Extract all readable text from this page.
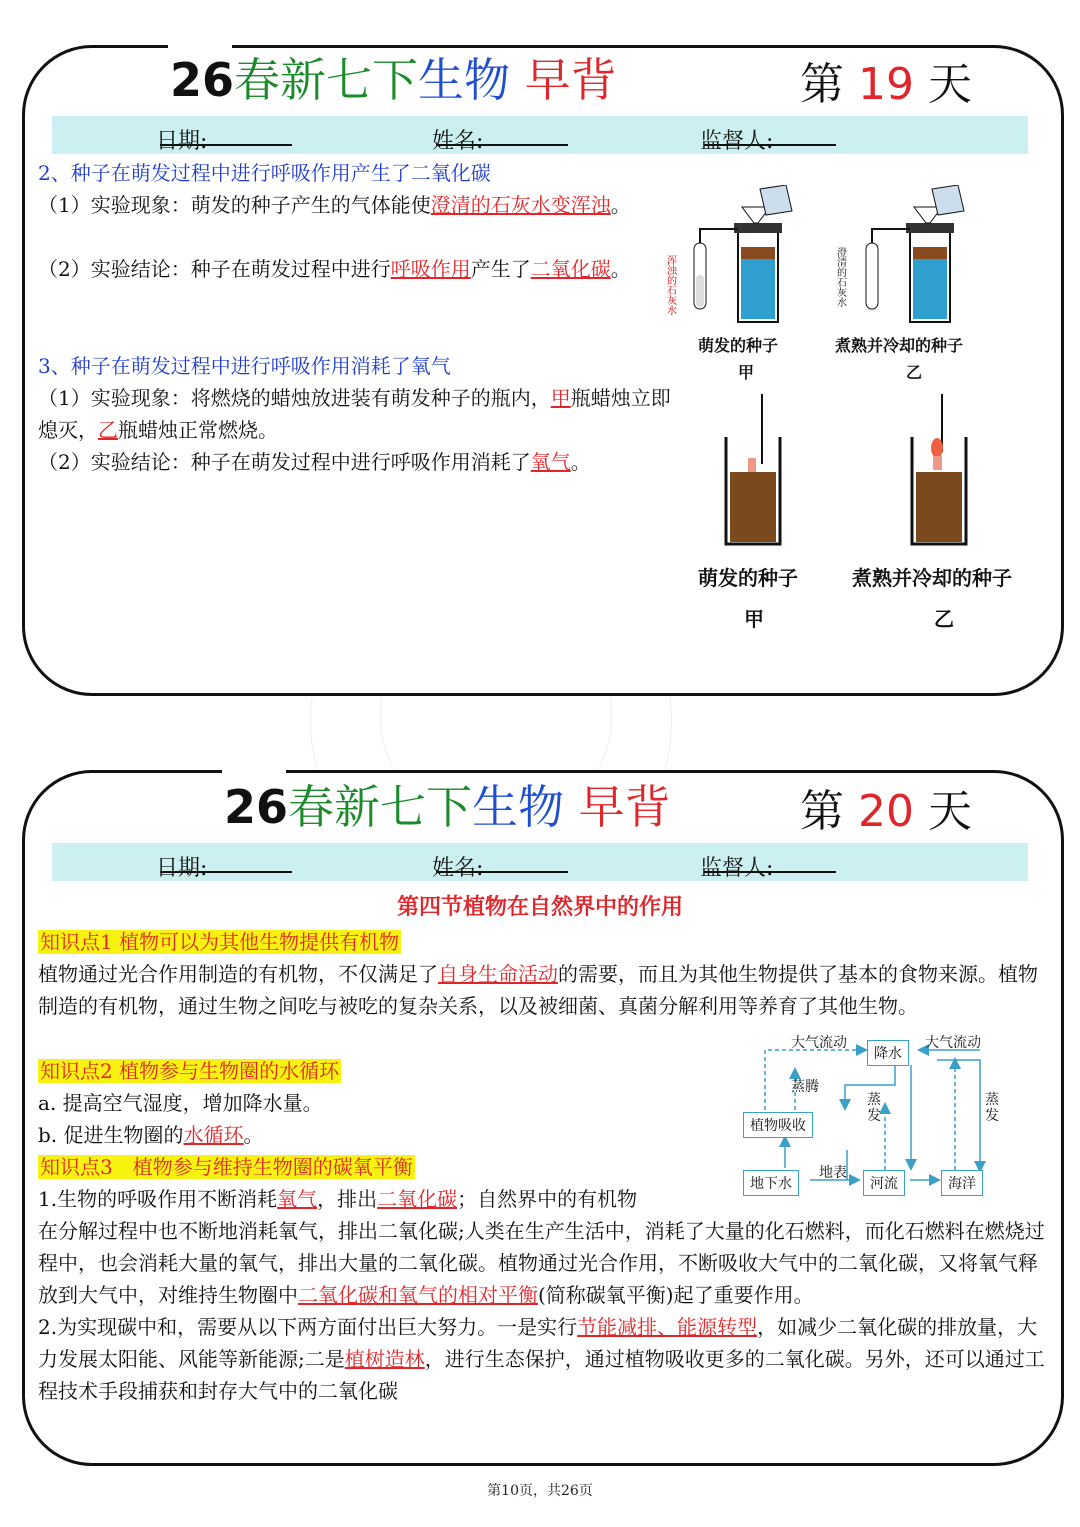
26春新七下生物 早背	第 19 天
日期:	姓名:	监督人:
2、种子在萌发过程中进行呼吸作用产生了二氧化碳
（1）实验现象：萌发的种子产生的气体能使澄清的石灰水变浑浊。
（2）实验结论：种子在萌发过程中进行呼吸作用产生了二氧化碳。
3、种子在萌发过程中进行呼吸作用消耗了氧气
（1）实验现象：将燃烧的蜡烛放进装有萌发种子的瓶内，甲瓶蜡烛立即熄灭，乙瓶蜡烛正常燃烧。
（2）实验结论：种子在萌发过程中进行呼吸作用消耗了氧气。
浑浊的石灰水	澄清的石灰水
萌发的种子
甲
煮熟并冷却的种子
乙
萌发的种子
甲
煮熟并冷却的种子
乙
26春新七下生物 早背	第 20 天
日期:	姓名:	监督人:
第四节植物在自然界中的作用
知识点1 植物可以为其他生物提供有机物
植物通过光合作用制造的有机物，不仅满足了自身生命活动的需要，而且为其他生物提供了基本的食物来源。植物制造的有机物，通过生物之间吃与被吃的复杂关系，以及被细菌、真菌分解利用等养育了其他生物。
知识点2 植物参与生物圈的水循环
a. 提高空气湿度，增加降水量。
b. 促进生物圈的水循环。
知识点3　植物参与维持生物圈的碳氧平衡
1.生物的呼吸作用不断消耗氧气，排出二氧化碳；自然界中的有机物
在分解过程中也不断地消耗氧气，排出二氧化碳;人类在生产生活中，消耗了大量的化石燃料，而化石燃料在燃烧过程中，也会消耗大量的氧气，排出大量的二氧化碳。植物通过光合作用，不断吸收大气中的二氧化碳，又将氧气释放到大气中，对维持生物圈中二氧化碳和氧气的相对平衡(简称碳氧平衡)起了重要作用。
2.为实现碳中和，需要从以下两方面付出巨大努力。一是实行节能减排、能源转型，如减少二氧化碳的排放量，大力发展太阳能、风能等新能源;二是植树造林，进行生态保护，通过植物吸收更多的二氧化碳。另外，还可以通过工程技术手段捕获和封存大气中的二氧化碳
大气流动
降水
大气流动
蒸腾
蒸发
蒸发
植物吸收
地下水
地表
河流	海洋
第10页，共26页
